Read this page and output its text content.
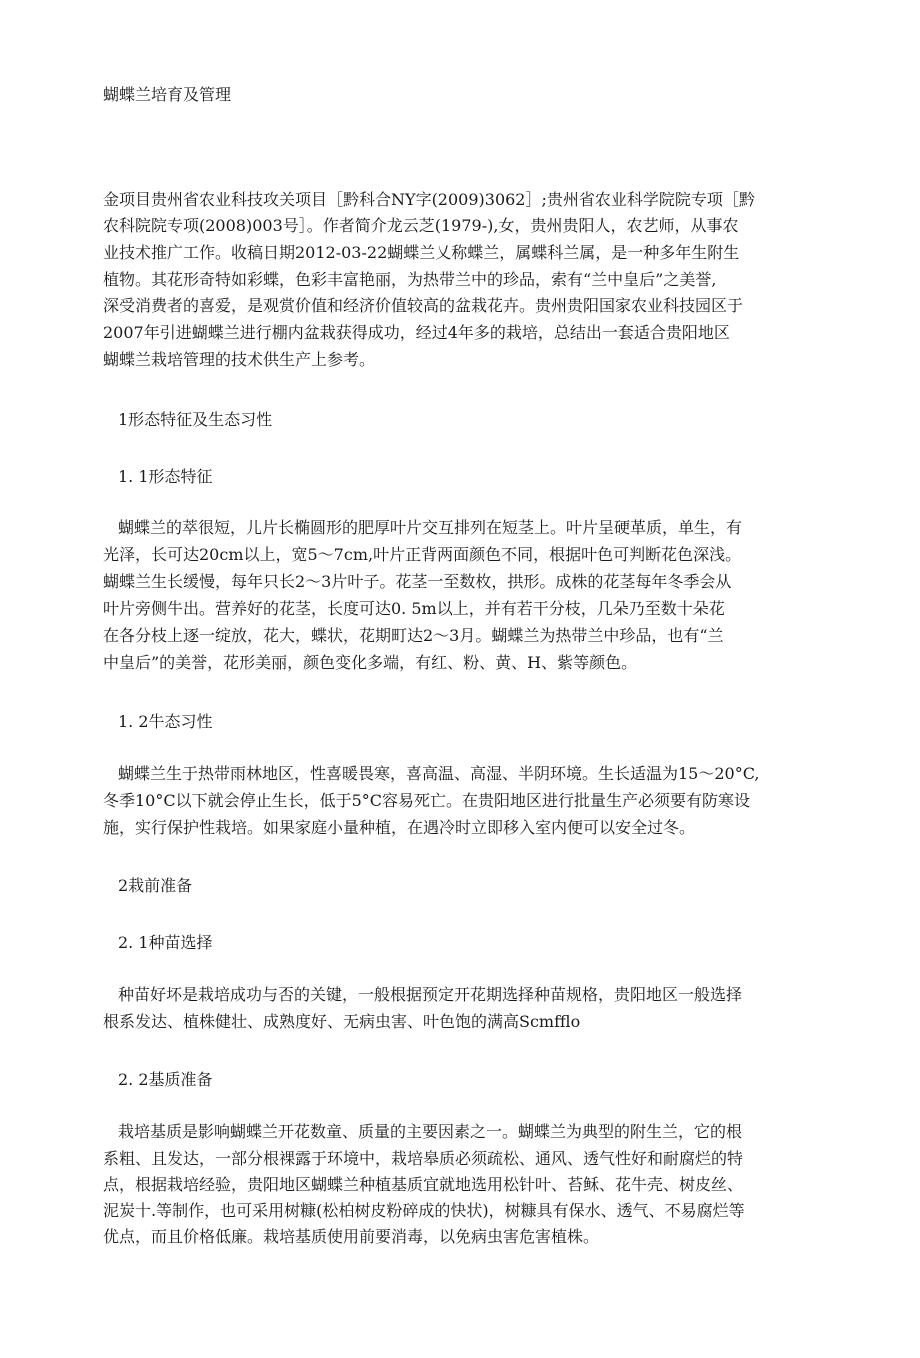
蝴蝶兰培育及管理
金项目贵州省农业科技攻关项目［黔科合NY字(2009)3062］;贵州省农业科学院院专项［黔
农科院院专项(2008)003号］。作者简介龙云芝(1979-),女，贵州贵阳人，农艺师，从事农
业技术推广工作。收稿日期2012-03-22蝴蝶兰乂称蝶兰，属蝶科兰属，是一种多年生附生
植物。其花形奇特如彩蝶，色彩丰富艳丽，为热带兰中的珍品，索有“兰中皇后”之美誉,
深受消费者的喜爱，是观赏价值和经济价值较高的盆栽花卉。贵州贵阳国家农业科技园区于
2007年引进蝴蝶兰进行棚内盆栽获得成功，经过4年多的栽培，总结出一套适合贵阳地区
蝴蝶兰栽培管理的技术供生产上参考。
1形态特征及生态习性
1. 1形态特征
蝴蝶兰的萃很短，儿片长椭圆形的肥厚叶片交互排列在短茎上。叶片呈硬革质，单生，有
光泽，长可达20cm以上，宽5〜7cm,叶片正背两面颜色不同，根据叶色可判断花色深浅。
蝴蝶兰生长缓慢，每年只长2〜3片叶子。花茎一至数枚，拱形。成株的花茎每年冬季会从
叶片旁侧牛出。营养好的花茎，长度可达0. 5m以上，并有若干分枝，几朵乃至数十朵花
在各分枝上逐一绽放，花大，蝶状，花期町达2〜3月。蝴蝶兰为热带兰中珍品，也有“兰
中皇后”的美誉，花形美丽，颜色变化多端，有红、粉、黄、H、紫等颜色。
1. 2牛态习性
蝴蝶兰生于热带雨林地区，性喜暖畏寒，喜高温、高湿、半阴环境。生长适温为15〜20°C,
冬季10°C以下就会停止生长，低于5°C容易死亡。在贵阳地区进行批量生产必须要有防寒设
施，实行保护性栽培。如果家庭小量种植，在遇冷时立即移入室内便可以安全过冬。
2栽前准备
2. 1种苗选择
种苗好坏是栽培成功与否的关键，一般根据预定开花期选择种苗规格，贵阳地区一般选择
根系发达、植株健壮、成熟度好、无病虫害、叶色饱的满高Scmfflo
2. 2基质准备
栽培基质是影响蝴蝶兰开花数童、质量的主要因素之一。蝴蝶兰为典型的附生兰，它的根
系粗、且发达，一部分根裸露于环境中，栽培皋质必须疏松、通风、透气性好和耐腐烂的特
点，根据栽培经验，贵阳地区蝴蝶兰种植基质宜就地选用松针叶、苔稣、花牛壳、树皮丝、
泥炭十.等制作，也可采用树糠(松柏树皮粉碎成的快状)，树糠具有保水、透气、不易腐烂等
优点，而且价格低廉。栽培基质使用前要消毒，以免病虫害危害植株。
